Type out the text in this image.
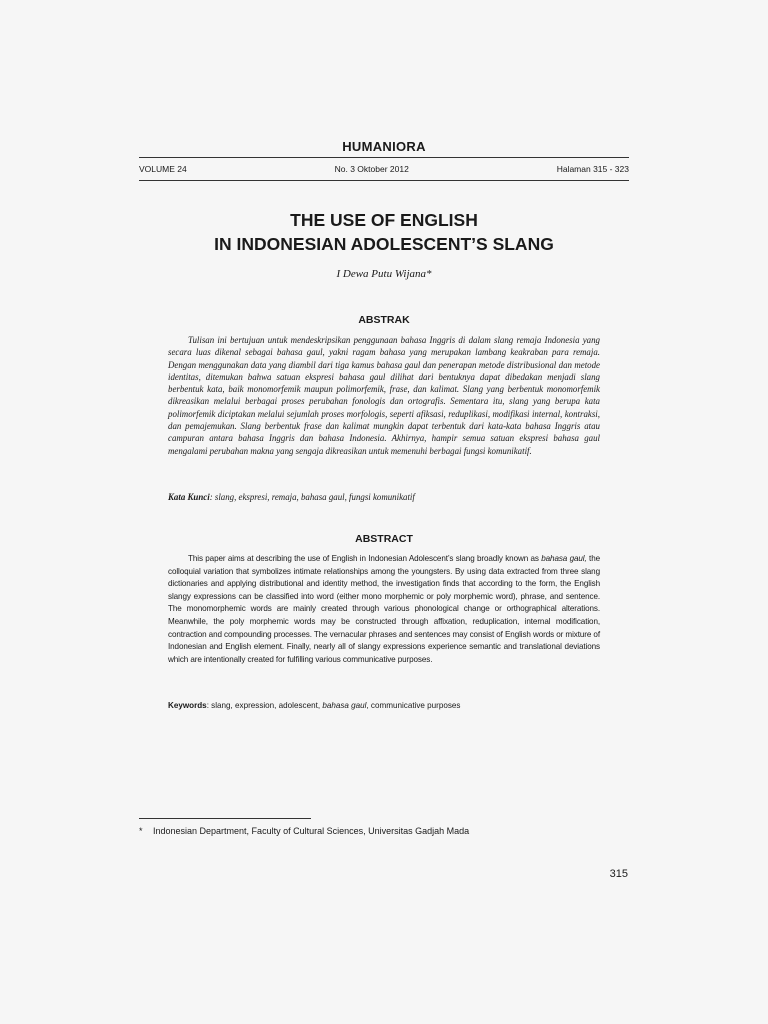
HUMANIORA
VOLUME 24	No. 3 Oktober 2012	Halaman 315 - 323
THE USE OF ENGLISH
IN INDONESIAN ADOLESCENT’S SLANG
I Dewa Putu Wijana*
ABSTRAK

Tulisan ini bertujuan untuk mendeskripsikan penggunaan bahasa Inggris di dalam slang remaja Indonesia yang secara luas dikenal sebagai bahasa gaul, yakni ragam bahasa yang merupakan lambang keakraban para remaja. Dengan menggunakan data yang diambil dari tiga kamus bahasa gaul dan penerapan metode distribusional dan metode identitas, ditemukan bahwa satuan ekspresi bahasa gaul dilihat dari bentuknya dapat dibedakan menjadi slang berbentuk kata, baik monomorfemik maupun polimorfemik, frase, dan kalimat. Slang yang berbentuk monomorfemik dikreasikan melalui berbagai proses perubahan fonologis dan ortografis. Sementara itu, slang yang berupa kata polimorfemik diciptakan melalui sejumlah proses morfologis, seperti afiksasi, reduplikasi, modifikasi internal, kontraksi, dan pemajemukan. Slang berbentuk frase dan kalimat mungkin dapat terbentuk dari kata-kata bahasa Inggris atau campuran antara bahasa Inggris dan bahasa Indonesia. Akhirnya, hampir semua satuan ekspresi bahasa gaul mengalami perubahan makna yang sengaja dikreasikan untuk memenuhi berbagai fungsi komunikatif.

Kata Kunci: slang, ekspresi, remaja, bahasa gaul, fungsi komunikatif

ABSTRACT

This paper aims at describing the use of English in Indonesian Adolescent’s slang broadly known as bahasa gaul, the colloquial variation that symbolizes intimate relationships among the youngsters. By using data extracted from three slang dictionaries and applying distributional and identity method, the investigation finds that according to the form, the English slangy expressions can be classified into word (either mono morphemic or poly morphemic word), phrase, and sentence. The monomorphemic words are mainly created through various phonological change or orthographical alterations. Meanwhile, the poly morphemic words may be constructed through affixation, reduplication, internal modification, contraction and compounding processes. The vernacular phrases and sentences may consist of English words or mixture of Indonesian and English element. Finally, nearly all of slangy expressions experience semantic and translational deviations which are intentionally created for fulfilling various communicative purposes.

Keywords: slang, expression, adolescent, bahasa gaul, communicative purposes

* Indonesian Department, Faculty of Cultural Sciences, Universitas Gadjah Mada
315
